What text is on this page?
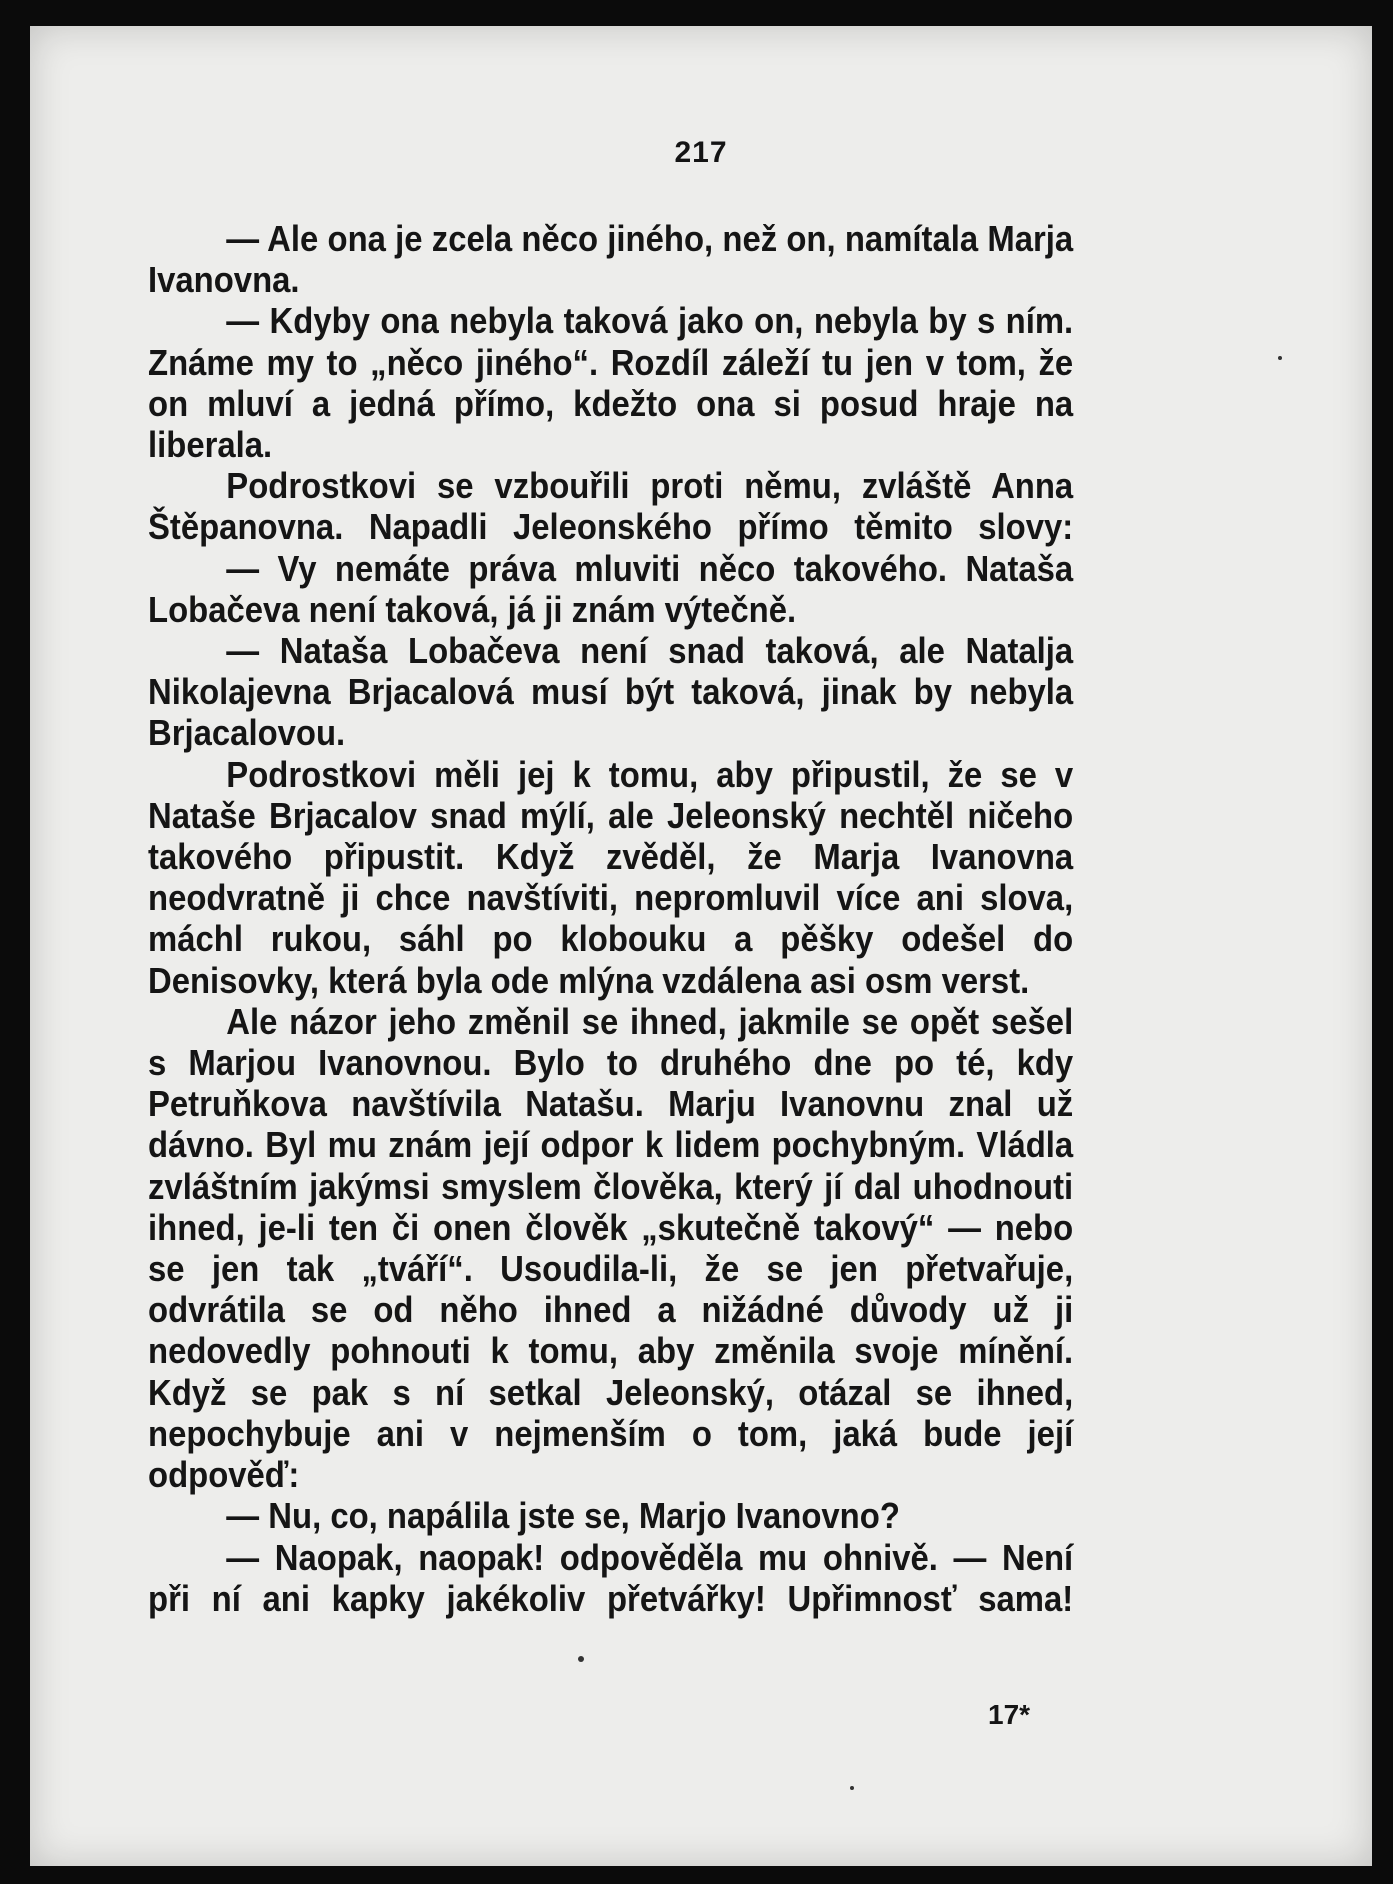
217

— Ale ona je zcela něco jiného, než on, namítala Marja Ivanovna.

— Kdyby ona nebyla taková jako on, nebyla by s ním. Známe my to „něco jiného“. Rozdíl záleží tu jen v tom, že on mluví a jedná přímo, kdežto ona si posud hraje na liberala.

Podrostkovi se vzbouřili proti němu, zvláště Anna Štěpanovna. Napadli Jeleonského přímo těmito slovy:

— Vy nemáte práva mluviti něco takového. Nataša Lobačeva není taková, já ji znám výtečně.

— Nataša Lobačeva není snad taková, ale Natalja Nikolajevna Brjacalová musí být taková, jinak by nebyla Brjacalovou.

Podrostkovi měli jej k tomu, aby připustil, že se v Nataše Brjacalov snad mýlí, ale Jeleonský nechtěl ničeho takového připustit. Když zvěděl, že Marja Ivanovna neodvratně ji chce navštíviti, nepromluvil více ani slova, máchl rukou, sáhl po klobouku a pěšky odešel do Denisovky, která byla ode mlýna vzdálena asi osm verst.

Ale názor jeho změnil se ihned, jakmile se opět sešel s Marjou Ivanovnou. Bylo to druhého dne po té, kdy Petruňkova navštívila Natašu. Marju Ivanovnu znal už dávno. Byl mu znám její odpor k lidem pochybným. Vládla zvláštním jakýmsi smyslem člověka, který jí dal uhodnouti ihned, je-li ten či onen člověk „skutečně takový“ — nebo se jen tak „tváří“. Usoudila-li, že se jen přetvařuje, odvrátila se od něho ihned a nižádné důvody už ji nedovedly pohnouti k tomu, aby změnila svoje mínění. Když se pak s ní setkal Jeleonský, otázal se ihned, nepochybuje ani v nejmenším o tom, jaká bude její odpověď:

— Nu, co, napálila jste se, Marjo Ivanovno?

— Naopak, naopak! odpověděla mu ohnivě. — Není při ní ani kapky jakékoliv přetvářky! Upřimnosť sama!

17*
